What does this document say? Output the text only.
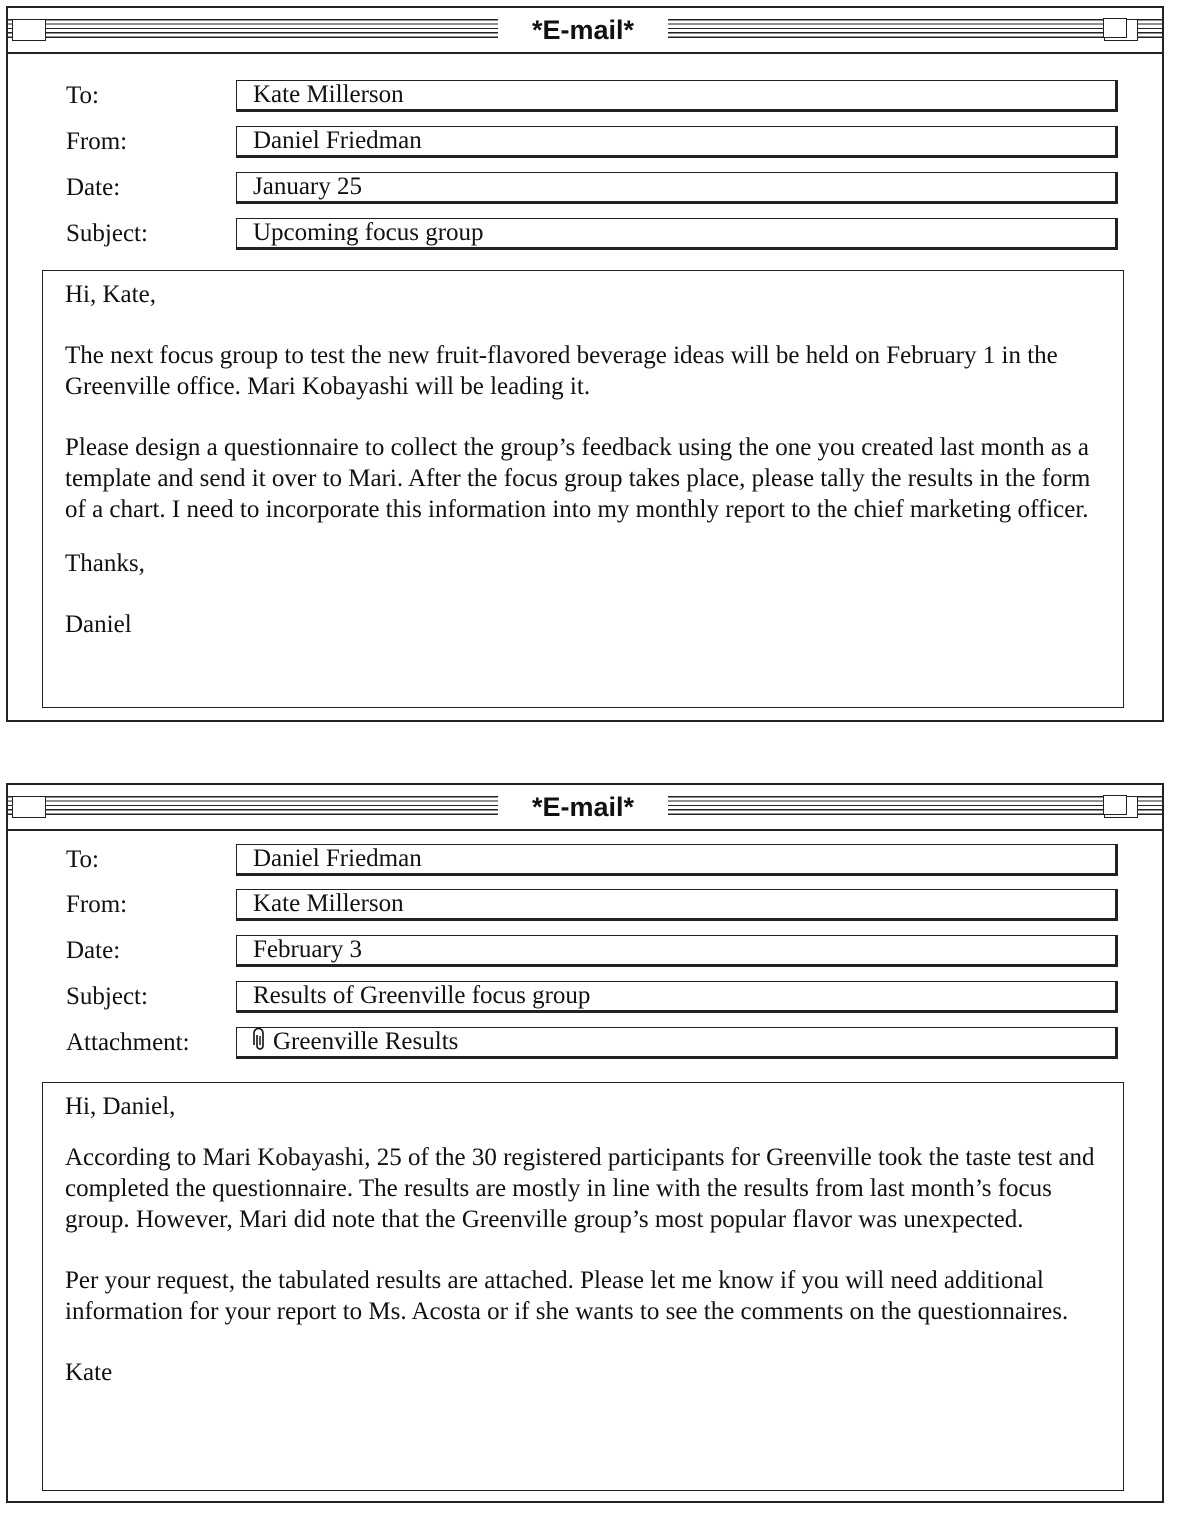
*E-mail*
To:	Kate Millerson
From:	Daniel Friedman
Date:	January 25
Subject:	Upcoming focus group

Hi, Kate,

The next focus group to test the new fruit-flavored beverage ideas will be held on February 1 in the Greenville office. Mari Kobayashi will be leading it.

Please design a questionnaire to collect the group’s feedback using the one you created last month as a template and send it over to Mari. After the focus group takes place, please tally the results in the form of a chart. I need to incorporate this information into my monthly report to the chief marketing officer.

Thanks,

Daniel

*E-mail*
To:	Daniel Friedman
From:	Kate Millerson
Date:	February 3
Subject:	Results of Greenville focus group
Attachment:	Greenville Results

Hi, Daniel,

According to Mari Kobayashi, 25 of the 30 registered participants for Greenville took the taste test and completed the questionnaire. The results are mostly in line with the results from last month’s focus group. However, Mari did note that the Greenville group’s most popular flavor was unexpected.

Per your request, the tabulated results are attached. Please let me know if you will need additional information for your report to Ms. Acosta or if she wants to see the comments on the questionnaires.

Kate
